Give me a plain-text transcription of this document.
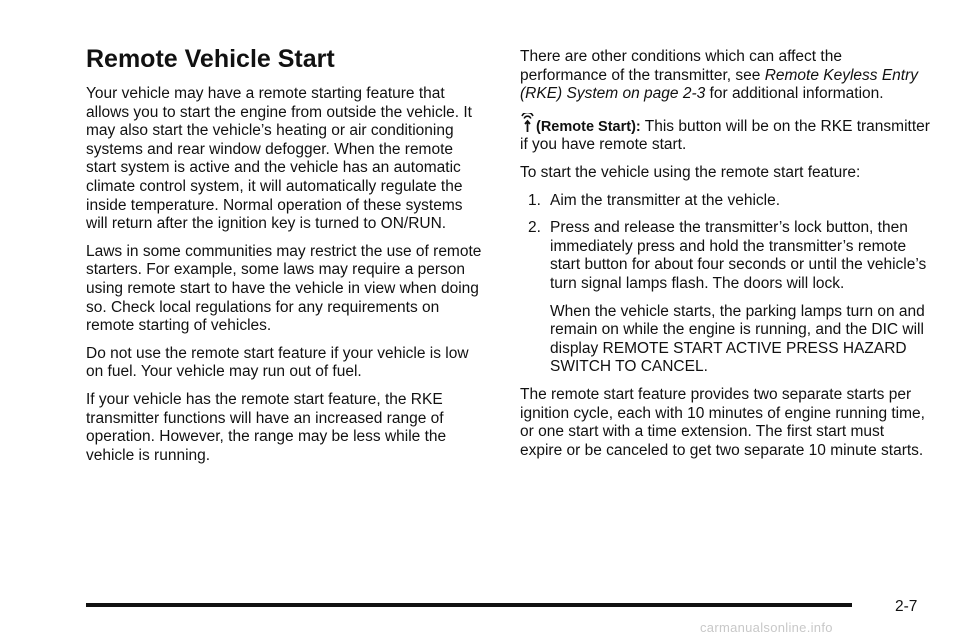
Remote Vehicle Start

Your vehicle may have a remote starting feature that allows you to start the engine from outside the vehicle. It may also start the vehicle’s heating or air conditioning systems and rear window defogger. When the remote start system is active and the vehicle has an automatic climate control system, it will automatically regulate the inside temperature. Normal operation of these systems will return after the ignition key is turned to ON/RUN.

Laws in some communities may restrict the use of remote starters. For example, some laws may require a person using remote start to have the vehicle in view when doing so. Check local regulations for any requirements on remote starting of vehicles.

Do not use the remote start feature if your vehicle is low on fuel. Your vehicle may run out of fuel.

If your vehicle has the remote start feature, the RKE transmitter functions will have an increased range of operation. However, the range may be less while the vehicle is running.

There are other conditions which can affect the performance of the transmitter, see Remote Keyless Entry (RKE) System on page 2-3 for additional information.

(Remote Start): This button will be on the RKE transmitter if you have remote start.

To start the vehicle using the remote start feature:

1. Aim the transmitter at the vehicle.
2. Press and release the transmitter’s lock button, then immediately press and hold the transmitter’s remote start button for about four seconds or until the vehicle’s turn signal lamps flash. The doors will lock.

When the vehicle starts, the parking lamps turn on and remain on while the engine is running, and the DIC will display REMOTE START ACTIVE PRESS HAZARD SWITCH TO CANCEL.

The remote start feature provides two separate starts per ignition cycle, each with 10 minutes of engine running time, or one start with a time extension. The first start must expire or be canceled to get two separate 10 minute starts.

2-7
carmanualsonline.info
